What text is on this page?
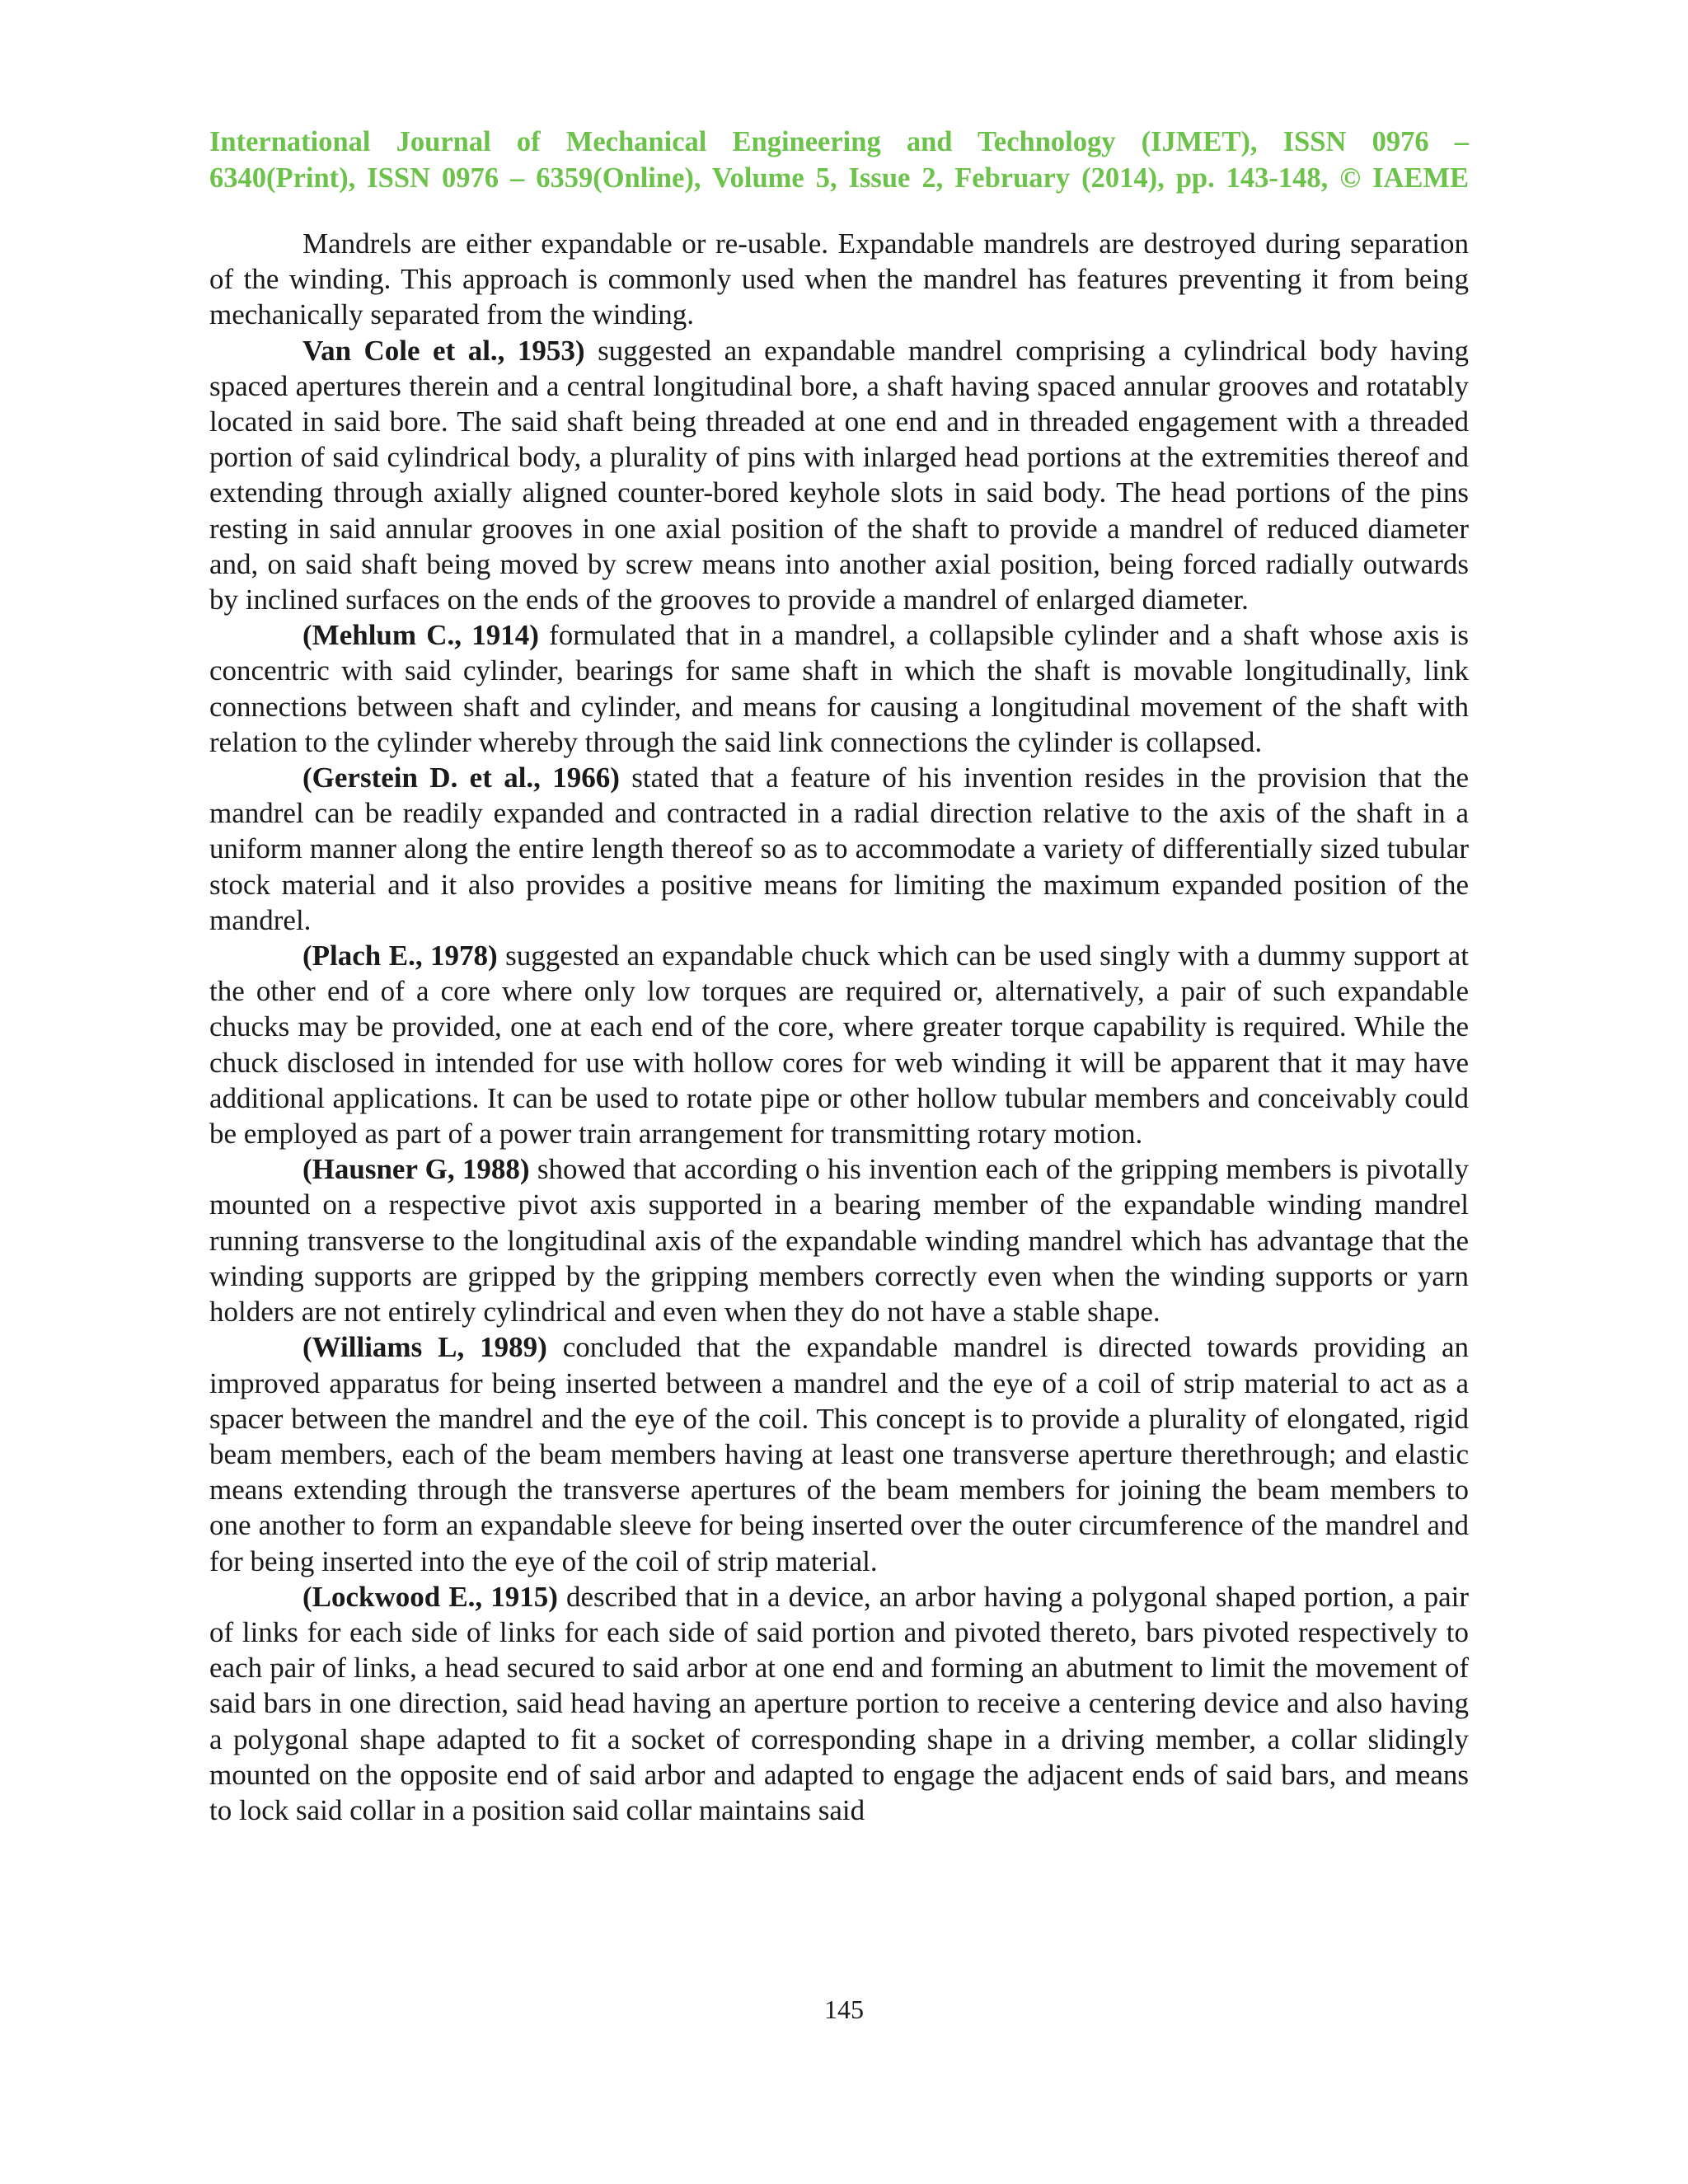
International Journal of Mechanical Engineering and Technology (IJMET), ISSN 0976 –
6340(Print), ISSN 0976 – 6359(Online), Volume 5, Issue 2, February (2014), pp. 143-148, © IAEME

Mandrels are either expandable or re-usable. Expandable mandrels are destroyed during separation of the winding. This approach is commonly used when the mandrel has features preventing it from being mechanically separated from the winding.

Van Cole et al., 1953) suggested an expandable mandrel comprising a cylindrical body having spaced apertures therein and a central longitudinal bore, a shaft having spaced annular grooves and rotatably located in said bore. The said shaft being threaded at one end and in threaded engagement with a threaded portion of said cylindrical body, a plurality of pins with inlarged head portions at the extremities thereof and extending through axially aligned counter-bored keyhole slots in said body. The head portions of the pins resting in said annular grooves in one axial position of the shaft to provide a mandrel of reduced diameter and, on said shaft being moved by screw means into another axial position, being forced radially outwards by inclined surfaces on the ends of the grooves to provide a mandrel of enlarged diameter.

(Mehlum C., 1914) formulated that in a mandrel, a collapsible cylinder and a shaft whose axis is concentric with said cylinder, bearings for same shaft in which the shaft is movable longitudinally, link connections between shaft and cylinder, and means for causing a longitudinal movement of the shaft with relation to the cylinder whereby through the said link connections the cylinder is collapsed.

(Gerstein D. et al., 1966) stated that a feature of his invention resides in the provision that the mandrel can be readily expanded and contracted in a radial direction relative to the axis of the shaft in a uniform manner along the entire length thereof so as to accommodate a variety of differentially sized tubular stock material and it also provides a positive means for limiting the maximum expanded position of the mandrel.

(Plach E., 1978) suggested an expandable chuck which can be used singly with a dummy support at the other end of a core where only low torques are required or, alternatively, a pair of such expandable chucks may be provided, one at each end of the core, where greater torque capability is required. While the chuck disclosed in intended for use with hollow cores for web winding it will be apparent that it may have additional applications. It can be used to rotate pipe or other hollow tubular members and conceivably could be employed as part of a power train arrangement for transmitting rotary motion.

(Hausner G, 1988) showed that according o his invention each of the gripping members is pivotally mounted on a respective pivot axis supported in a bearing member of the expandable winding mandrel running transverse to the longitudinal axis of the expandable winding mandrel which has advantage that the winding supports are gripped by the gripping members correctly even when the winding supports or yarn holders are not entirely cylindrical and even when they do not have a stable shape.

(Williams L, 1989) concluded that the expandable mandrel is directed towards providing an improved apparatus for being inserted between a mandrel and the eye of a coil of strip material to act as a spacer between the mandrel and the eye of the coil. This concept is to provide a plurality of elongated, rigid beam members, each of the beam members having at least one transverse aperture therethrough; and elastic means extending through the transverse apertures of the beam members for joining the beam members to one another to form an expandable sleeve for being inserted over the outer circumference of the mandrel and for being inserted into the eye of the coil of strip material.

(Lockwood E., 1915) described that in a device, an arbor having a polygonal shaped portion, a pair of links for each side of links for each side of said portion and pivoted thereto, bars pivoted respectively to each pair of links, a head secured to said arbor at one end and forming an abutment to limit the movement of said bars in one direction, said head having an aperture portion to receive a centering device and also having a polygonal shape adapted to fit a socket of corresponding shape in a driving member, a collar slidingly mounted on the opposite end of said arbor and adapted to engage the adjacent ends of said bars, and means to lock said collar in a position said collar maintains said

145
